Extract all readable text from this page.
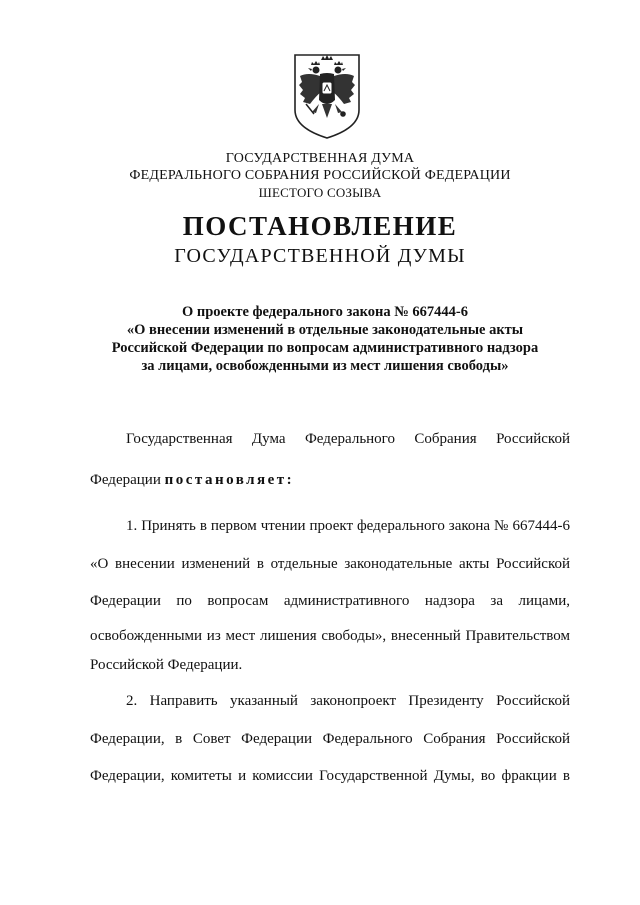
ГОСУДАРСТВЕННАЯ ДУМА
ФЕДЕРАЛЬНОГО СОБРАНИЯ РОССИЙСКОЙ ФЕДЕРАЦИИ
ШЕСТОГО СОЗЫВА
ПОСТАНОВЛЕНИЕ
ГОСУДАРСТВЕННОЙ ДУМЫ
О проекте федерального закона № 667444-6
«О внесении изменений в отдельные законодательные акты
Российской Федерации по вопросам административного надзора
за лицами, освобожденными из мест лишения свободы»
Государственная Дума Федерального Собрания Российской
Федерации постановляет:
1. Принять в первом чтении проект федерального закона № 667444-6
«О внесении изменений в отдельные законодательные акты Российской
Федерации по вопросам административного надзора за лицами,
освобожденными из мест лишения свободы», внесенный Правительством
Российской Федерации.
2. Направить указанный законопроект Президенту Российской
Федерации, в Совет Федерации Федерального Собрания Российской
Федерации, комитеты и комиссии Государственной Думы, во фракции в
